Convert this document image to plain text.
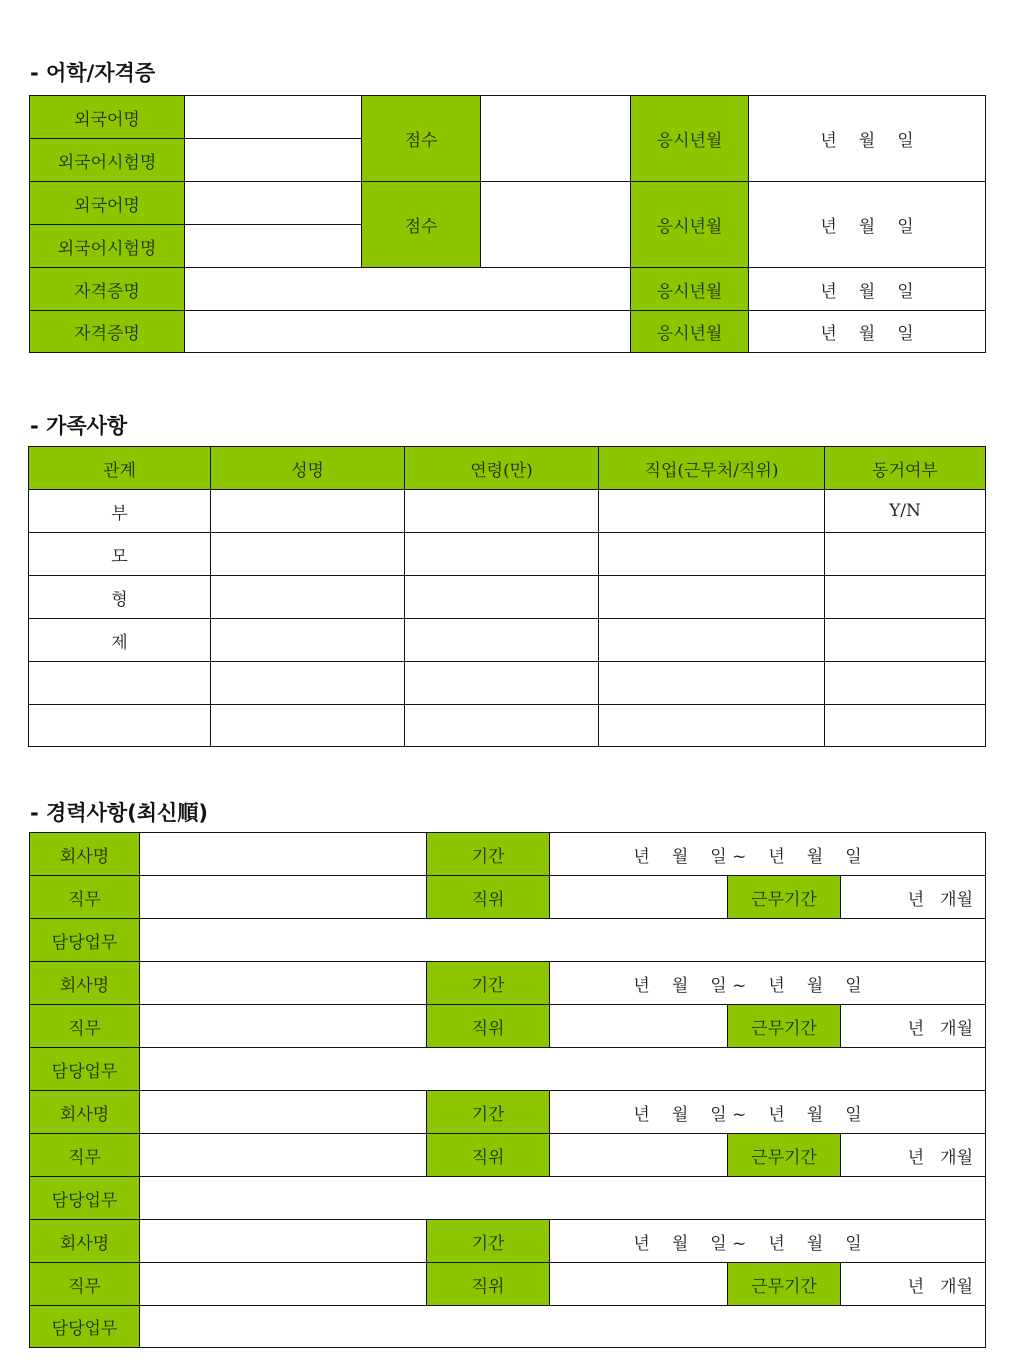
- 어학/자격증
외국어명		점수		응시년월	년 월 일
외국어시험명					
외국어명		점수		응시년월	년 월 일
외국어시험명					
자격증명				응시년월	년 월 일
자격증명				응시년월	년 월 일
- 가족사항
관계	성명	연령(만)	직업(근무처/직위)	동거여부
부				Y/N
모				
형				
제				

- 경력사항(최신順)
회사명		기간	년 월 일 ~ 년 월 일		
직무		직위		근무기간	년 개월
담당업무					
회사명		기간	년 월 일 ~ 년 월 일		
직무		직위		근무기간	년 개월
담당업무					
회사명		기간	년 월 일 ~ 년 월 일		
직무		직위		근무기간	년 개월
담당업무					
회사명		기간	년 월 일 ~ 년 월 일		
직무		직위		근무기간	년 개월
담당업무					
